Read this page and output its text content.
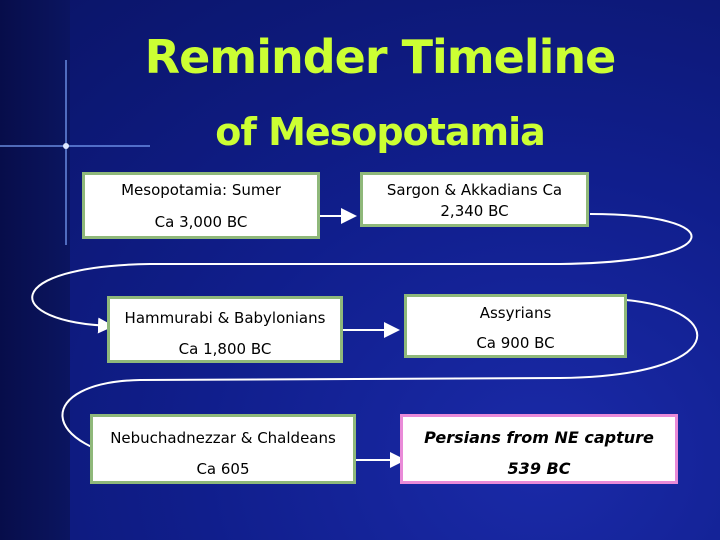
Reminder Timeline
of Mesopotamia
Mesopotamia: Sumer
Ca 3,000 BC
Sargon & Akkadians Ca
2,340 BC
Hammurabi & Babylonians
Ca 1,800 BC
Assyrians
Ca 900 BC
Nebuchadnezzar & Chaldeans
Ca 605
Persians from NE capture
539 BC
